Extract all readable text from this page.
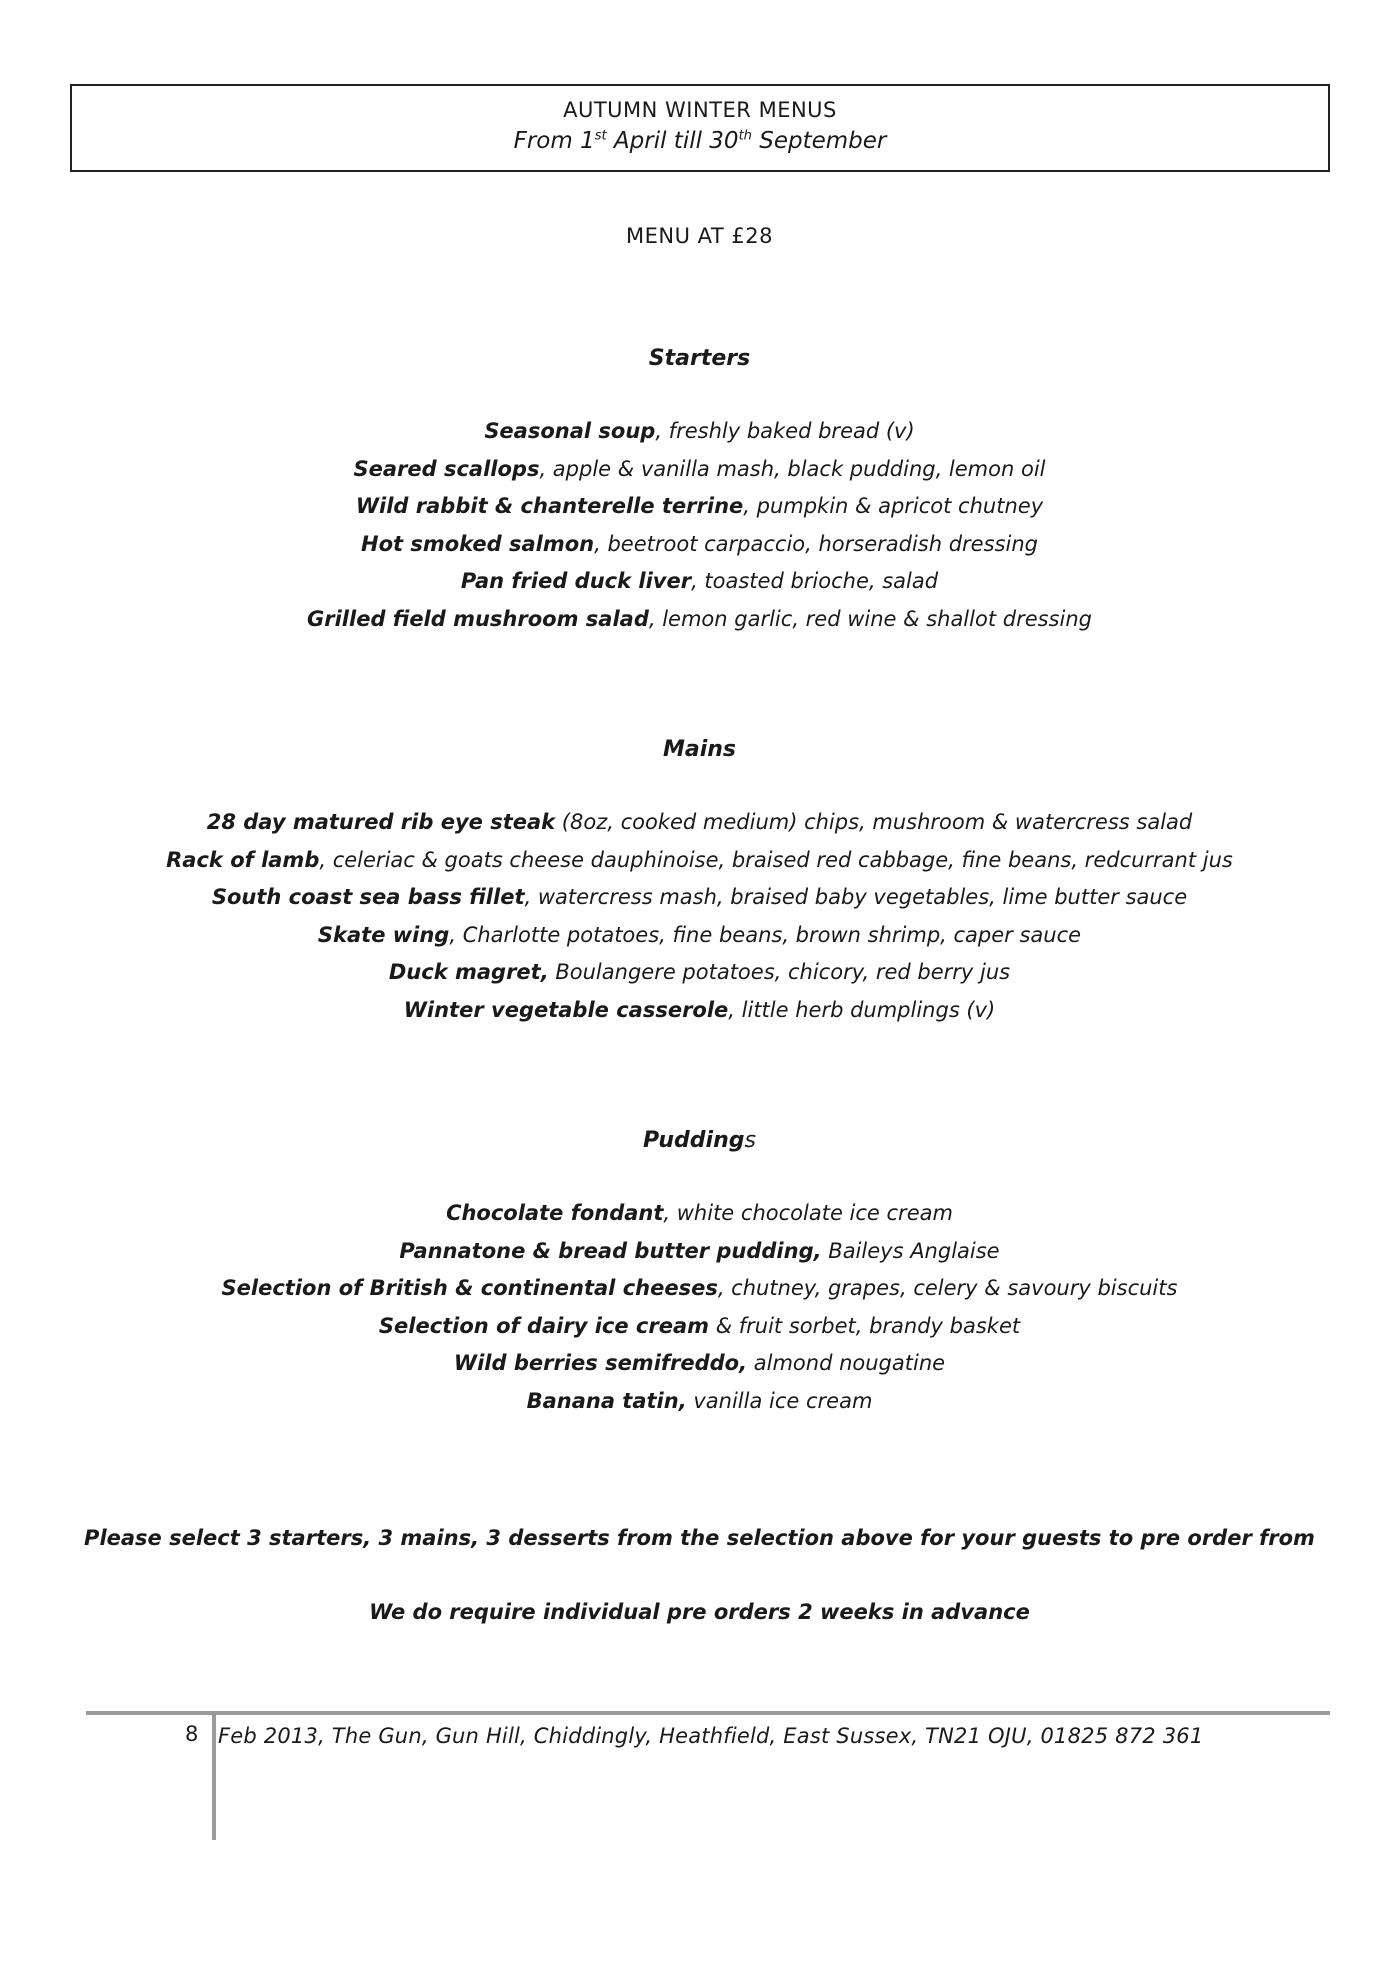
AUTUMN WINTER MENUS
From 1st April till 30th September
MENU AT £28
Starters
Seasonal soup, freshly baked bread (v)
Seared scallops, apple & vanilla mash, black pudding, lemon oil
Wild rabbit & chanterelle terrine, pumpkin & apricot chutney
Hot smoked salmon, beetroot carpaccio, horseradish dressing
Pan fried duck liver, toasted brioche, salad
Grilled field mushroom salad, lemon garlic, red wine & shallot dressing
Mains
28 day matured rib eye steak (8oz, cooked medium) chips, mushroom & watercress salad
Rack of lamb, celeriac & goats cheese dauphinoise, braised red cabbage, fine beans, redcurrant jus
South coast sea bass fillet, watercress mash, braised baby vegetables, lime butter sauce
Skate wing, Charlotte potatoes, fine beans, brown shrimp, caper sauce
Duck magret, Boulangere potatoes, chicory, red berry jus
Winter vegetable casserole, little herb dumplings (v)
Puddings
Chocolate fondant, white chocolate ice cream
Pannatone & bread butter pudding, Baileys Anglaise
Selection of British & continental cheeses, chutney, grapes, celery & savoury biscuits
Selection of dairy ice cream & fruit sorbet, brandy basket
Wild berries semifreddo, almond nougatine
Banana tatin, vanilla ice cream
Please select 3 starters, 3 mains, 3 desserts from the selection above for your guests to pre order from
We do require individual pre orders 2 weeks in advance
8 Feb 2013, The Gun, Gun Hill, Chiddingly, Heathfield, East Sussex, TN21 OJU, 01825 872 361
